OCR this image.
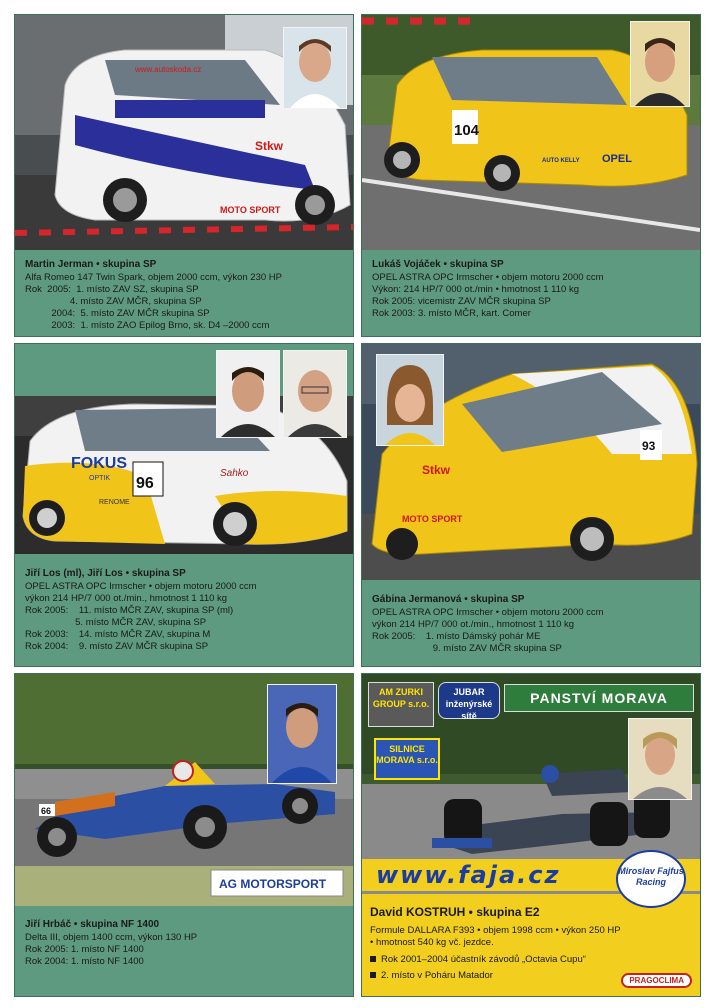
www.autoskoda.cz
Stkw
MOTO SPORT
Martin Jerman • skupina SP
Alfa Romeo 147 Twin Spark, objem 2000 ccm, výkon 230 HP
Rok  2005:  1. místo ZAV SZ, skupina SP
4. místo ZAV MČR, skupina SP
2004:  5. místo ZAV MČR skupina SP
2003:  1. místo ZAO Epilog Brno, sk. D4 –2000 ccm
104
OPEL
AUTO KELLY
Lukáš Vojáček • skupina SP
OPEL ASTRA OPC Irmscher • objem motoru 2000 ccm
Výkon: 214 HP/7 000 ot./min • hmotnost 1 110 kg
Rok 2005: vicemistr ZAV MČR skupina SP
Rok 2003: 3. místo MČR, kart. Comer
96
FOKUS
OPTIK	Sahko
RENOME
Jiří Los (ml), Jiří Los • skupina SP
OPEL ASTRA OPC Irmscher • objem motoru 2000 ccm
výkon 214 HP/7 000 ot./min., hmotnost 1 110 kg
Rok 2005:    11. místo MČR ZAV, skupina SP (ml)
5. místo MČR ZAV, skupina SP
Rok 2003:    14. místo MČR ZAV, skupina M
Rok 2004:    9. místo ZAV MČR skupina SP
93
Stkw
MOTO SPORT
Gábina Jermanová • skupina SP
OPEL ASTRA OPC Irmscher • objem motoru 2000 ccm
výkon 214 HP/7 000 ot./min., hmotnost 1 110 kg
Rok 2005:    1. místo Dámský pohár ME
9. místo ZAV MČR skupina SP
66
AG MOTORSPORT
Jiří Hrbáč • skupina NF 1400
Delta III, objem 1400 ccm, výkon 130 HP
Rok 2005: 1. místo NF 1400
Rok 2004: 1. místo NF 1400
AM ZURKI GROUP s.r.o.
JUBAR inženýrské sítě
PANSTVÍ MORAVA
SILNICE MORAVA s.r.o.
www.faja.cz	Miroslav Fajfus Racing
David KOSTRUH • skupina E2
Formule DALLARA F393 • objem 1998 ccm • výkon 250 HP
• hmotnost 540 kg vč. jezdce.
Rok 2001–2004 účastník závodů „Octavia Cupu“
2. místo v Poháru Matador	PRAGOCLIMA
